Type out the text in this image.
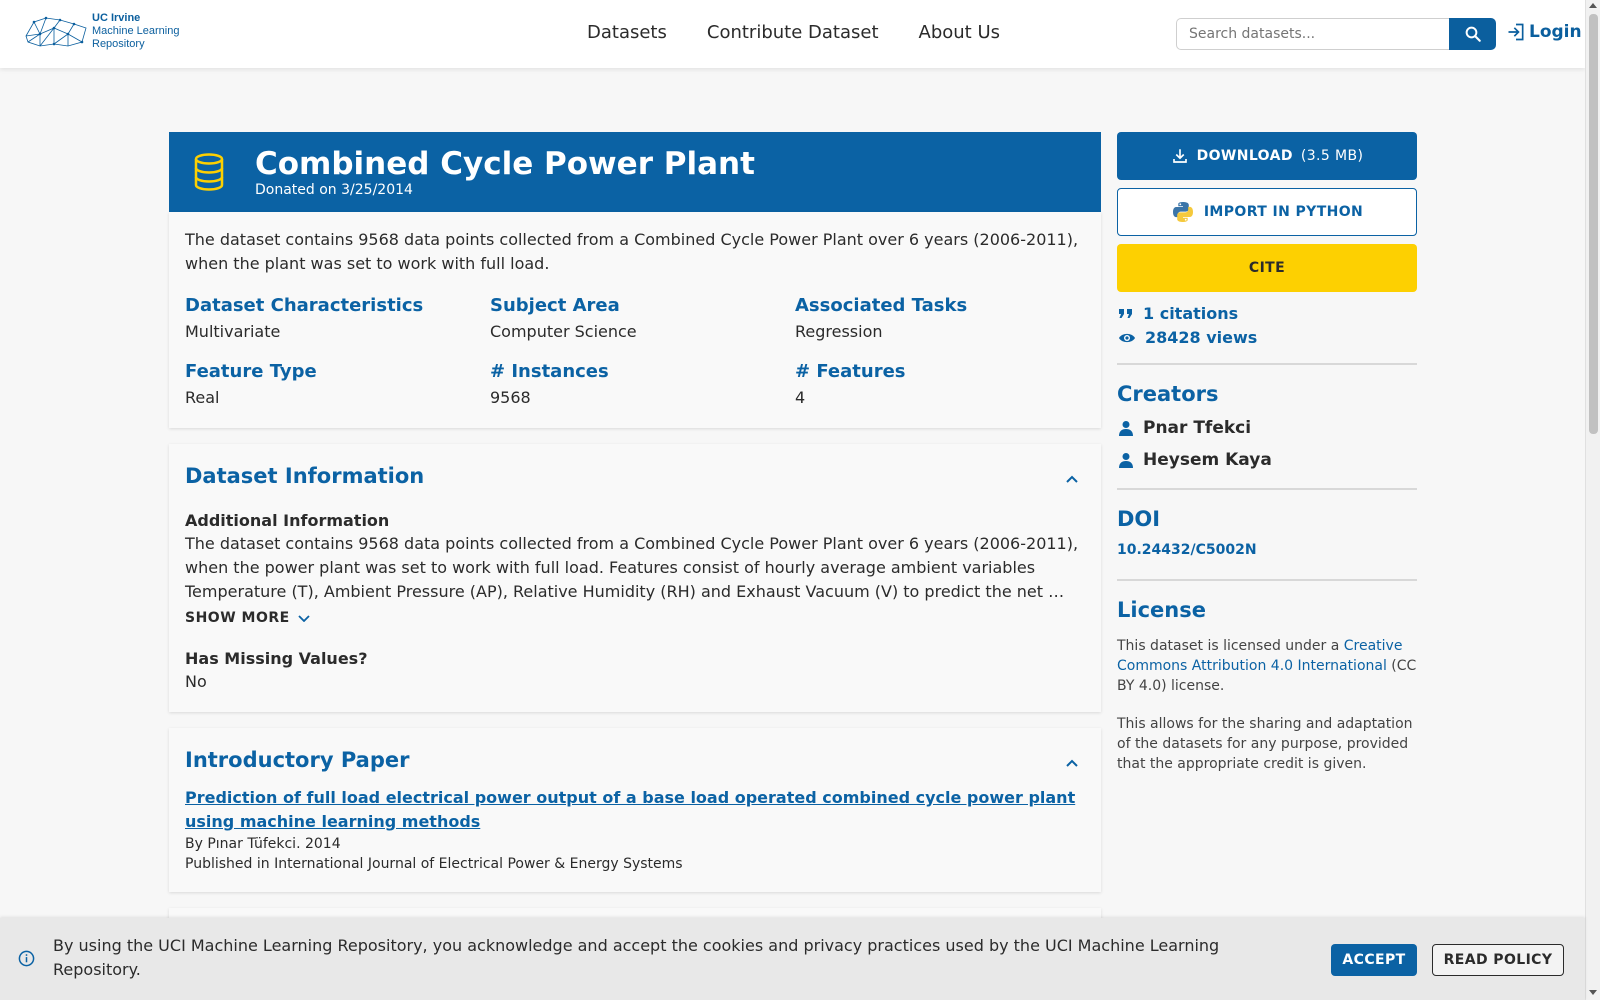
UC Irvine
Machine Learning
Repository
Datasets Contribute Dataset About Us
Search datasets...	Login
Combined Cycle Power Plant
Donated on 3/25/2014

The dataset contains 9568 data points collected from a Combined Cycle Power Plant over 6 years (2006-2011), when the plant was set to work with full load.

Dataset Characteristics
Multivariate
Subject Area
Computer Science
Associated Tasks
Regression
Feature Type
Real
# Instances
9568
# Features
4
Dataset Information
Additional Information

The dataset contains 9568 data points collected from a Combined Cycle Power Plant over 6 years (2006-2011), when the power plant was set to work with full load. Features consist of hourly average ambient variables Temperature (T), Ambient Pressure (AP), Relative Humidity (RH) and Exhaust Vacuum (V) to predict the net …

SHOW MORE
Has Missing Values?
No
Introductory Paper
Prediction of full load electrical power output of a base load operated combined cycle power plant using machine learning methods
By Pınar Tüfekci. 2014
Published in International Journal of Electrical Power & Energy Systems
DOWNLOAD (3.5 MB)
IMPORT IN PYTHON
CITE
1 citations
28428 views
Creators
Pnar Tfekci
Heysem Kaya
DOI
10.24432/C5002N
License

This dataset is licensed under a Creative Commons Attribution 4.0 International (CC BY 4.0) license.

This allows for the sharing and adaptation of the datasets for any purpose, provided that the appropriate credit is given.

By using the UCI Machine Learning Repository, you acknowledge and accept the cookies and privacy practices used by the UCI Machine Learning Repository.	ACCEPT	READ POLICY
